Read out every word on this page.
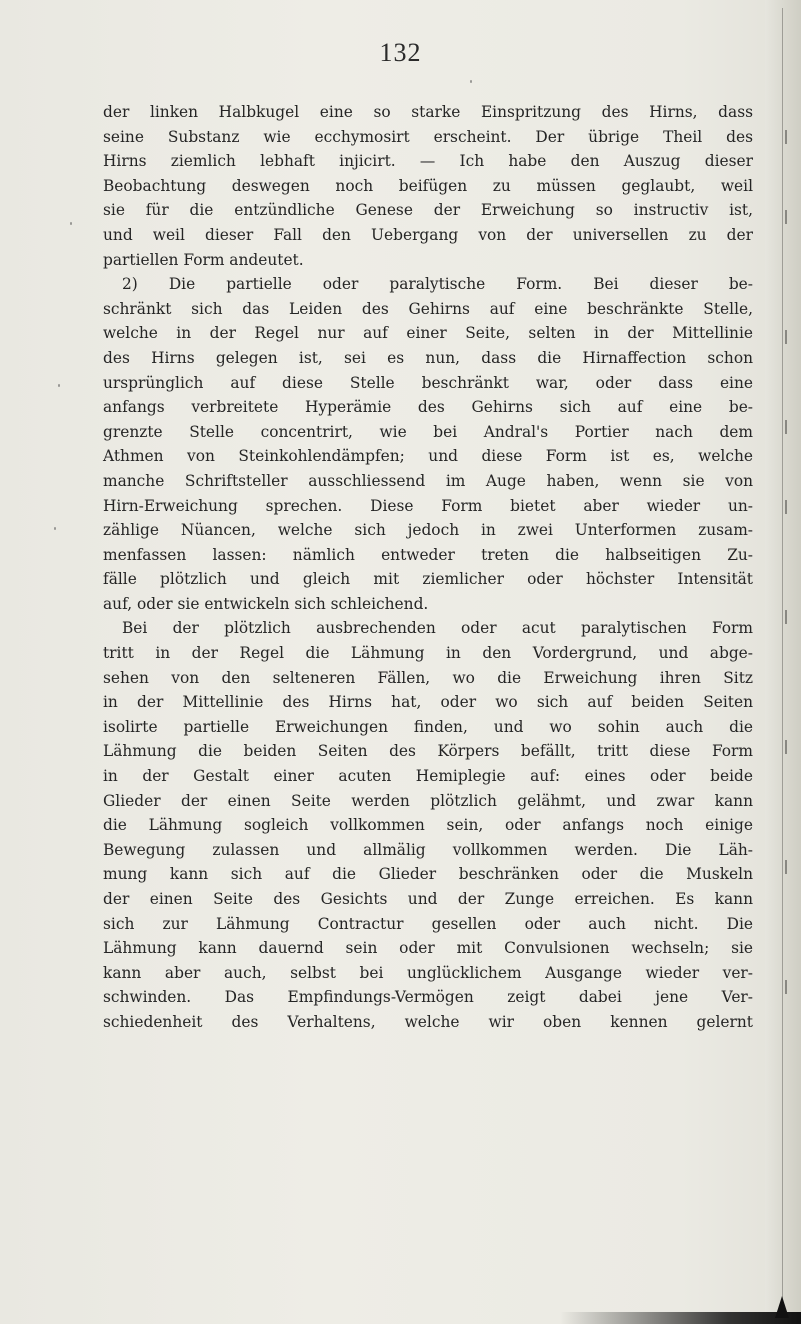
132
der linken Halbkugel eine so starke Einspritzung des Hirns, dass
seine Substanz wie ecchymosirt erscheint. Der übrige Theil des
Hirns ziemlich lebhaft injicirt. — Ich habe den Auszug dieser
Beobachtung deswegen noch beifügen zu müssen geglaubt, weil
sie für die entzündliche Genese der Erweichung so instructiv ist,
und weil dieser Fall den Uebergang von der universellen zu der
partiellen Form andeutet.
2) Die partielle oder paralytische Form. Bei dieser be-
schränkt sich das Leiden des Gehirns auf eine beschränkte Stelle,
welche in der Regel nur auf einer Seite, selten in der Mittellinie
des Hirns gelegen ist, sei es nun, dass die Hirnaffection schon
ursprünglich auf diese Stelle beschränkt war, oder dass eine
anfangs verbreitete Hyperämie des Gehirns sich auf eine be-
grenzte Stelle concentrirt, wie bei Andral's Portier nach dem
Athmen von Steinkohlendämpfen; und diese Form ist es, welche
manche Schriftsteller ausschliessend im Auge haben, wenn sie von
Hirn-Erweichung sprechen. Diese Form bietet aber wieder un-
zählige Nüancen, welche sich jedoch in zwei Unterformen zusam-
menfassen lassen: nämlich entweder treten die halbseitigen Zu-
fälle plötzlich und gleich mit ziemlicher oder höchster Intensität
auf, oder sie entwickeln sich schleichend.
Bei der plötzlich ausbrechenden oder acut paralytischen Form
tritt in der Regel die Lähmung in den Vordergrund, und abge-
sehen von den selteneren Fällen, wo die Erweichung ihren Sitz
in der Mittellinie des Hirns hat, oder wo sich auf beiden Seiten
isolirte partielle Erweichungen finden, und wo sohin auch die
Lähmung die beiden Seiten des Körpers befällt, tritt diese Form
in der Gestalt einer acuten Hemiplegie auf: eines oder beide
Glieder der einen Seite werden plötzlich gelähmt, und zwar kann
die Lähmung sogleich vollkommen sein, oder anfangs noch einige
Bewegung zulassen und allmälig vollkommen werden. Die Läh-
mung kann sich auf die Glieder beschränken oder die Muskeln
der einen Seite des Gesichts und der Zunge erreichen. Es kann
sich zur Lähmung Contractur gesellen oder auch nicht. Die
Lähmung kann dauernd sein oder mit Convulsionen wechseln; sie
kann aber auch, selbst bei unglücklichem Ausgange wieder ver-
schwinden. Das Empfindungs-Vermögen zeigt dabei jene Ver-
schiedenheit des Verhaltens, welche wir oben kennen gelernt
